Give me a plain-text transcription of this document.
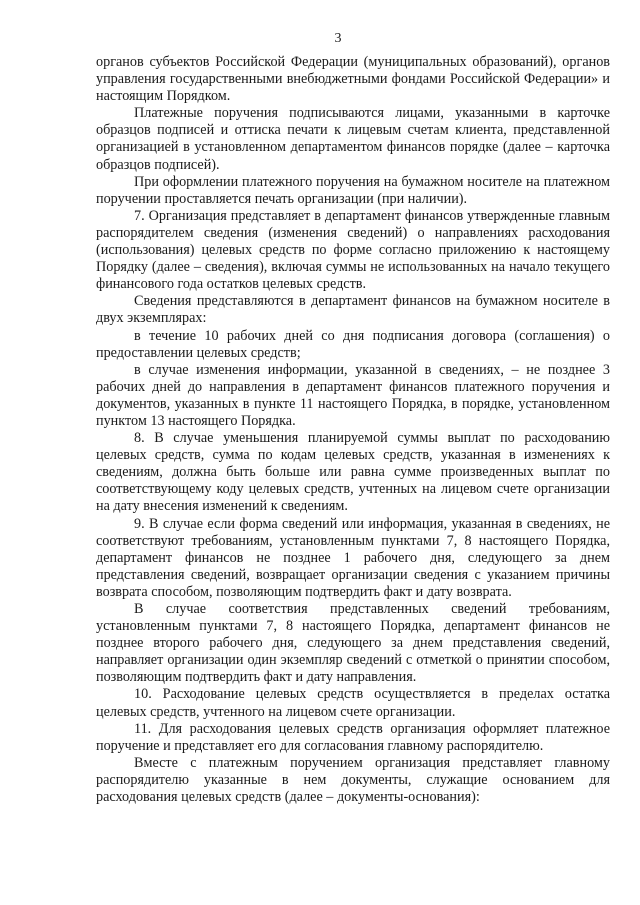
3

органов субъектов Российской Федерации (муниципальных образований), органов управления государственными внебюджетными фондами Российской Федерации» и настоящим Порядком.

Платежные поручения подписываются лицами, указанными в карточке образцов подписей и оттиска печати к лицевым счетам клиента, представленной организацией в установленном департаментом финансов порядке (далее – карточка образцов подписей).

При оформлении платежного поручения на бумажном носителе на платежном поручении проставляется печать организации (при наличии).

7. Организация представляет в департамент финансов утвержденные главным распорядителем сведения (изменения сведений) о направлениях расходования (использования) целевых средств по форме согласно приложению к настоящему Порядку (далее – сведения), включая суммы не использованных на начало текущего финансового года остатков целевых средств.

Сведения представляются в департамент финансов на бумажном носителе в двух экземплярах:

в течение 10 рабочих дней со дня подписания договора (соглашения) о предоставлении целевых средств;

в случае изменения информации, указанной в сведениях, – не позднее 3 рабочих дней до направления в департамент финансов платежного поручения и документов, указанных в пункте 11 настоящего Порядка, в порядке, установленном пунктом 13 настоящего Порядка.

8. В случае уменьшения планируемой суммы выплат по расходованию целевых средств, сумма по кодам целевых средств, указанная в изменениях к сведениям, должна быть больше или равна сумме произведенных выплат по соответствующему коду целевых средств, учтенных на лицевом счете организации на дату внесения изменений к сведениям.

9. В случае если форма сведений или информация, указанная в сведениях, не соответствуют требованиям, установленным пунктами 7, 8 настоящего Порядка, департамент финансов не позднее 1 рабочего дня, следующего за днем представления сведений, возвращает организации сведения с указанием причины возврата способом, позволяющим подтвердить факт и дату возврата.

В случае соответствия представленных сведений требованиям, установленным пунктами 7, 8 настоящего Порядка, департамент финансов не позднее второго рабочего дня, следующего за днем представления сведений, направляет организации один экземпляр сведений с отметкой о принятии способом, позволяющим подтвердить факт и дату направления.

10. Расходование целевых средств осуществляется в пределах остатка целевых средств, учтенного на лицевом счете организации.

11. Для расходования целевых средств организация оформляет платежное поручение и представляет его для согласования главному распорядителю.

Вместе с платежным поручением организация представляет главному распорядителю указанные в нем документы, служащие основанием для расходования целевых средств (далее – документы-основания):
